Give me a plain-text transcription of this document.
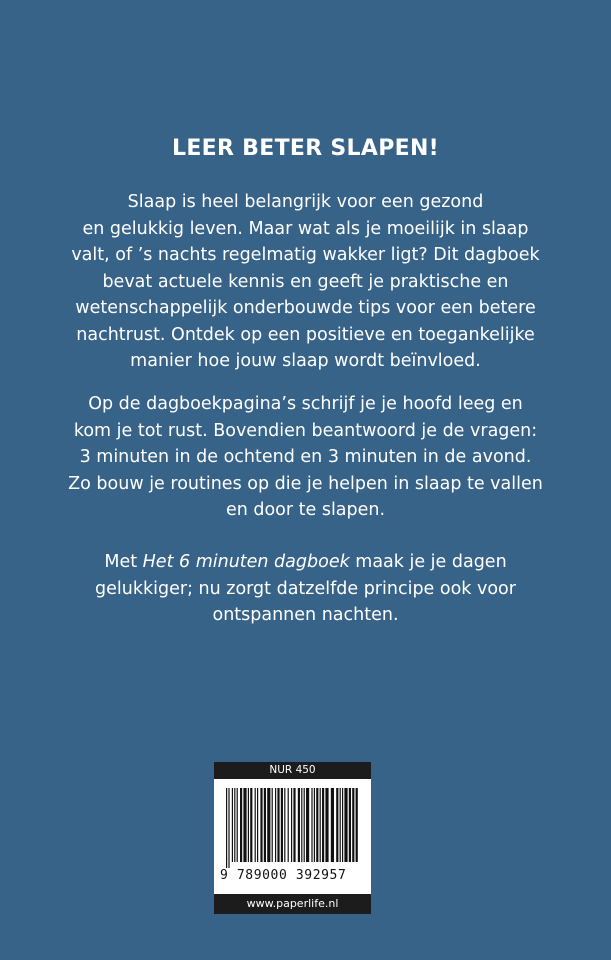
LEER BETER SLAPEN!

Slaap is heel belangrijk voor een gezond
en gelukkig leven. Maar wat als je moeilijk in slaap
valt, of ’s nachts regelmatig wakker ligt? Dit dagboek
bevat actuele kennis en geeft je praktische en
wetenschappelijk onderbouwde tips voor een betere
nachtrust. Ontdek op een positieve en toegankelijke
manier hoe jouw slaap wordt beïnvloed.

Op de dagboekpagina’s schrijf je je hoofd leeg en
kom je tot rust. Bovendien beantwoord je de vragen:
3 minuten in de ochtend en 3 minuten in de avond.
Zo bouw je routines op die je helpen in slaap te vallen
en door te slapen.

Met Het 6 minuten dagboek maak je je dagen
gelukkiger; nu zorgt datzelfde principe ook voor
ontspannen nachten.

NUR 450
9 789000 392957
www.paperlife.nl
